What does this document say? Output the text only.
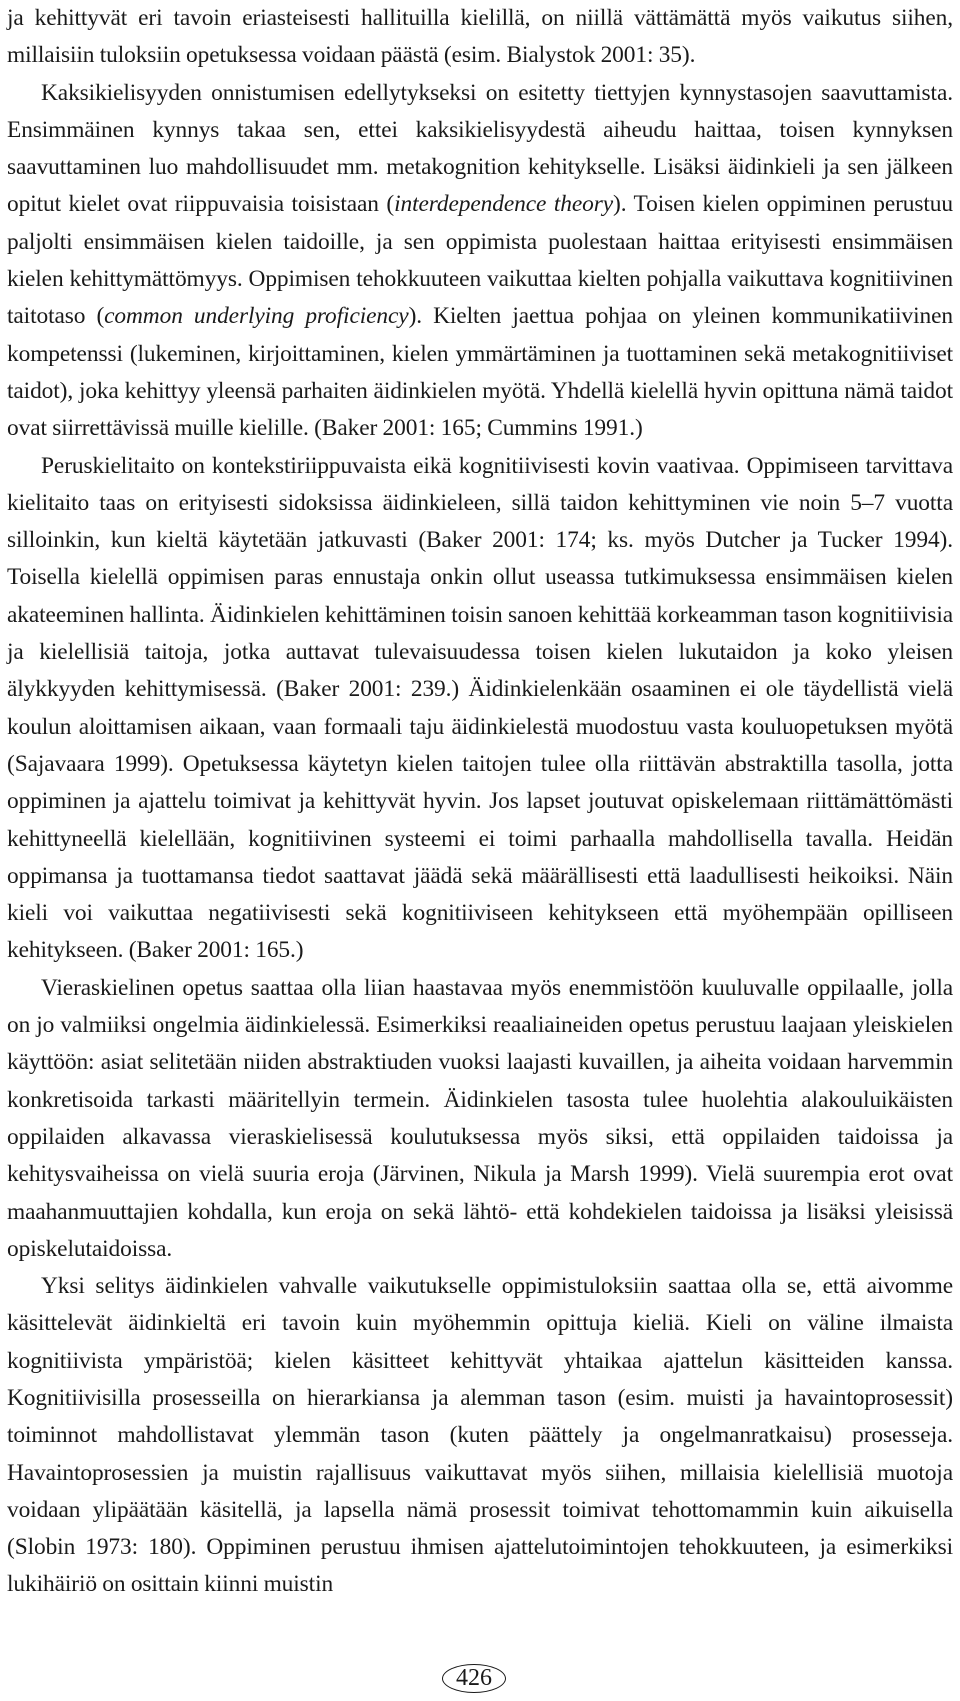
ja kehittyvät eri tavoin eriasteisesti hallituilla kielillä, on niillä vättämättä myös vaikutus siihen, millaisiin tuloksiin opetuksessa voidaan päästä (esim. Bialystok 2001: 35).

Kaksikielisyyden onnistumisen edellytykseksi on esitetty tiettyjen kynnystasojen saavuttamista. Ensimmäinen kynnys takaa sen, ettei kaksikielisyydestä aiheudu haittaa, toisen kynnyksen saavuttaminen luo mahdollisuudet mm. metakognition kehitykselle. Lisäksi äidinkieli ja sen jälkeen opitut kielet ovat riippuvaisia toisistaan (interdependence theory). Toisen kielen oppiminen perustuu paljolti ensimmäisen kielen taidoille, ja sen oppimista puolestaan haittaa erityisesti ensimmäisen kielen kehittymättömyys. Oppimisen tehokkuuteen vaikuttaa kielten pohjalla vaikuttava kognitiivinen taitotaso (common underlying proficiency). Kielten jaettua pohjaa on yleinen kommunikatiivinen kompetenssi (lukeminen, kirjoittaminen, kielen ymmärtäminen ja tuottaminen sekä metakognitiiviset taidot), joka kehittyy yleensä parhaiten äidinkielen myötä. Yhdellä kielellä hyvin opittuna nämä taidot ovat siirrettävissä muille kielille. (Baker 2001: 165; Cummins 1991.)

Peruskielitaito on kontekstiriippuvaista eikä kognitiivisesti kovin vaativaa. Oppimiseen tarvittava kielitaito taas on erityisesti sidoksissa äidinkieleen, sillä taidon kehittyminen vie noin 5–7 vuotta silloinkin, kun kieltä käytetään jatkuvasti (Baker 2001: 174; ks. myös Dutcher ja Tucker 1994). Toisella kielellä oppimisen paras ennustaja onkin ollut useassa tutkimuksessa ensimmäisen kielen akateeminen hallinta. Äidinkielen kehittäminen toisin sanoen kehittää korkeamman tason kognitiivisia ja kielellisiä taitoja, jotka auttavat tulevaisuudessa toisen kielen lukutaidon ja koko yleisen älykkyyden kehittymisessä. (Baker 2001: 239.) Äidinkielenkään osaaminen ei ole täydellistä vielä koulun aloittamisen aikaan, vaan formaali taju äidinkielestä muodostuu vasta kouluopetuksen myötä (Sajavaara 1999). Opetuksessa käytetyn kielen taitojen tulee olla riittävän abstraktilla tasolla, jotta oppiminen ja ajattelu toimivat ja kehittyvät hyvin. Jos lapset joutuvat opiskelemaan riittämättömästi kehittyneellä kielellään, kognitiivinen systeemi ei toimi parhaalla mahdollisella tavalla. Heidän oppimansa ja tuottamansa tiedot saattavat jäädä sekä määrällisesti että laadullisesti heikoiksi. Näin kieli voi vaikuttaa negatiivisesti sekä kognitiiviseen kehitykseen että myöhempään opilliseen kehitykseen. (Baker 2001: 165.)

Vieraskielinen opetus saattaa olla liian haastavaa myös enemmistöön kuuluvalle oppilaalle, jolla on jo valmiiksi ongelmia äidinkielessä. Esimerkiksi reaaliaineiden opetus perustuu laajaan yleiskielen käyttöön: asiat selitetään niiden abstraktiuden vuoksi laajasti kuvaillen, ja aiheita voidaan harvemmin konkretisoida tarkasti määritellyin termein. Äidinkielen tasosta tulee huolehtia alakouluikäisten oppilaiden alkavassa vieraskielisessä koulutuksessa myös siksi, että oppilaiden taidoissa ja kehitysvaiheissa on vielä suuria eroja (Järvinen, Nikula ja Marsh 1999). Vielä suurempia erot ovat maahanmuuttajien kohdalla, kun eroja on sekä lähtö- että kohdekielen taidoissa ja lisäksi yleisissä opiskelutaidoissa.

Yksi selitys äidinkielen vahvalle vaikutukselle oppimistuloksiin saattaa olla se, että aivomme käsittelevät äidinkieltä eri tavoin kuin myöhemmin opittuja kieliä. Kieli on väline ilmaista kognitiivista ympäristöä; kielen käsitteet kehittyvät yhtaikaa ajattelun käsitteiden kanssa. Kognitiivisilla prosesseilla on hierarkiansa ja alemman tason (esim. muisti ja havaintoprosessit) toiminnot mahdollistavat ylemmän tason (kuten päättely ja ongelmanratkaisu) prosesseja. Havaintoprosessien ja muistin rajallisuus vaikuttavat myös siihen, millaisia kielellisiä muotoja voidaan ylipäätään käsitellä, ja lapsella nämä prosessit toimivat tehottomammin kuin aikuisella (Slobin 1973: 180). Oppiminen perustuu ihmisen ajattelutoimintojen tehokkuuteen, ja esimerkiksi lukihäiriö on osittain kiinni muistin

426
